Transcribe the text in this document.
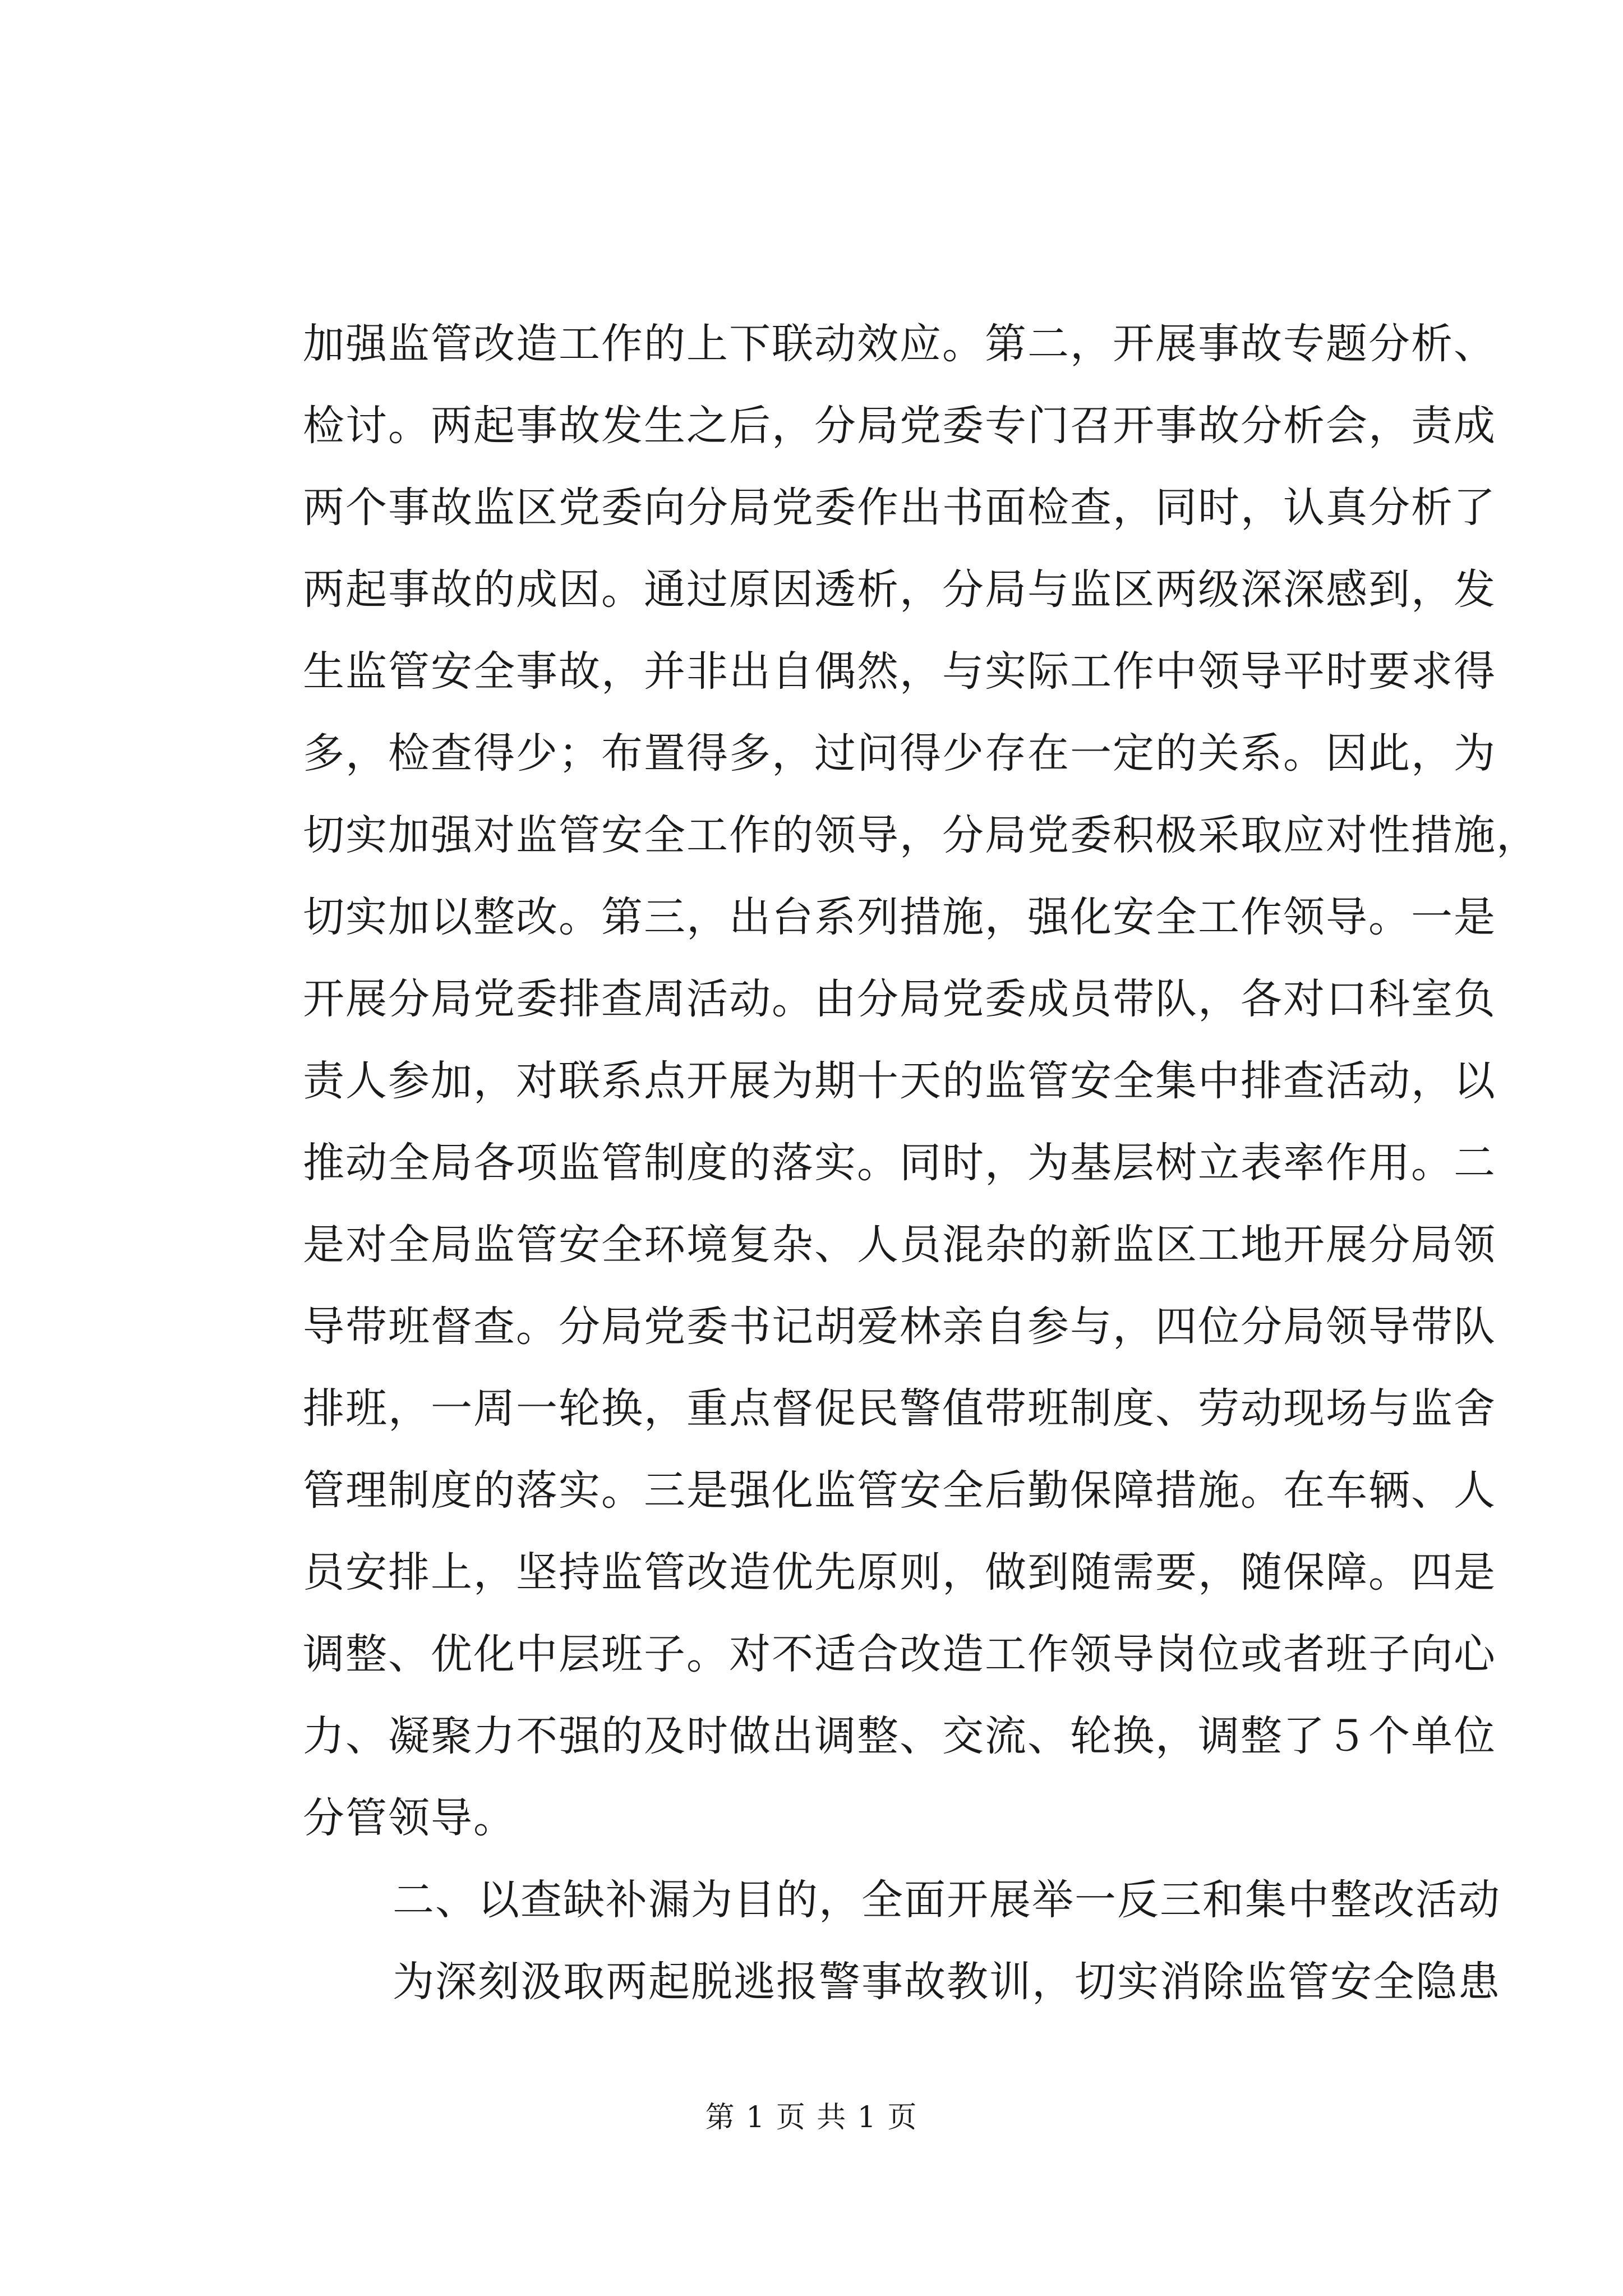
加强监管改造工作的上下联动效应。第二，开展事故专题分析、
检讨。两起事故发生之后，分局党委专门召开事故分析会，责成
两个事故监区党委向分局党委作出书面检查，同时，认真分析了
两起事故的成因。通过原因透析，分局与监区两级深深感到，发
生监管安全事故，并非出自偶然，与实际工作中领导平时要求得
多，检查得少；布置得多，过问得少存在一定的关系。因此，为
切实加强对监管安全工作的领导，分局党委积极采取应对性措施，
切实加以整改。第三，出台系列措施，强化安全工作领导。一是
开展分局党委排查周活动。由分局党委成员带队，各对口科室负
责人参加，对联系点开展为期十天的监管安全集中排查活动，以
推动全局各项监管制度的落实。同时，为基层树立表率作用。二
是对全局监管安全环境复杂、人员混杂的新监区工地开展分局领
导带班督查。分局党委书记胡爱林亲自参与，四位分局领导带队
排班，一周一轮换，重点督促民警值带班制度、劳动现场与监舍
管理制度的落实。三是强化监管安全后勤保障措施。在车辆、人
员安排上，坚持监管改造优先原则，做到随需要，随保障。四是
调整、优化中层班子。对不适合改造工作领导岗位或者班子向心
力、凝聚力不强的及时做出调整、交流、轮换，调整了５个单位
分管领导。
二、以查缺补漏为目的，全面开展举一反三和集中整改活动
为深刻汲取两起脱逃报警事故教训，切实消除监管安全隐患
第 1 页 共 1 页
